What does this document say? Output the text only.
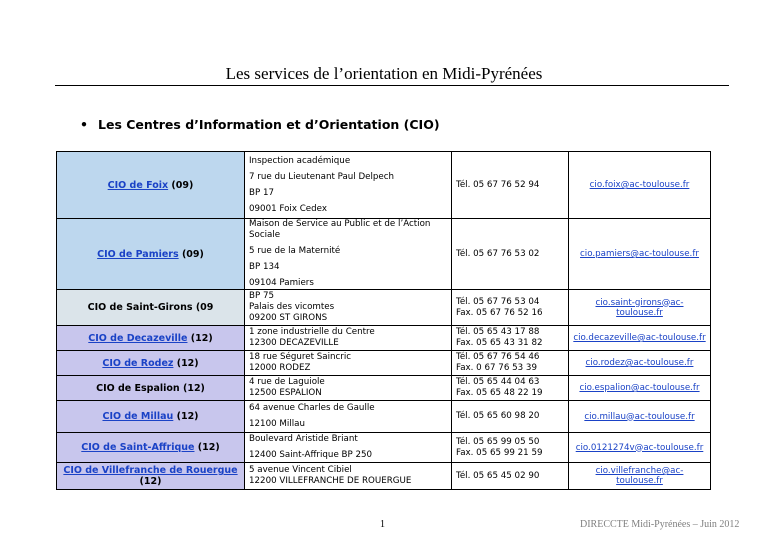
Les services de l’orientation en Midi-Pyrénées
• Les Centres d’Information et d’Orientation (CIO)
CIO de Foix (09)	Inspection académique
7 rue du Lieutenant Paul Delpech
BP 17
09001 Foix Cedex	Tél. 05 67 76 52 94	cio.foix@ac-toulouse.fr
CIO de Pamiers (09)	Maison de Service au Public et de l’Action Sociale
5 rue de la Maternité
BP 134
09104 Pamiers	Tél. 05 67 76 53 02	cio.pamiers@ac-toulouse.fr
CIO de Saint-Girons (09	BP 75
Palais des vicomtes
09200 ST GIRONS	Tél. 05 67 76 53 04
Fax. 05 67 76 52 16	cio.saint-girons@ac-toulouse.fr
CIO de Decazeville (12)	1 zone industrielle du Centre
12300 DECAZEVILLE	Tél. 05 65 43 17 88
Fax. 05 65 43 31 82	cio.decazeville@ac-toulouse.fr
CIO de Rodez (12)	18 rue Séguret Saincric
12000 RODEZ	Tél. 05 67 76 54 46
Fax. 0 67 76 53 39	cio.rodez@ac-toulouse.fr
CIO de Espalion (12)	4 rue de Laguiole
12500 ESPALION	Tél. 05 65 44 04 63
Fax. 05 65 48 22 19	cio.espalion@ac-toulouse.fr
CIO de Millau (12)	64 avenue Charles de Gaulle
12100 Millau	Tél. 05 65 60 98 20	cio.millau@ac-toulouse.fr
CIO de Saint-Affrique (12)	Boulevard Aristide Briant
12400 Saint-Affrique BP 250	Tél. 05 65 99 05 50
Fax. 05 65 99 21 59	cio.0121274v@ac-toulouse.fr
CIO de Villefranche de Rouergue (12)	5 avenue Vincent Cibiel
12200 VILLEFRANCHE DE ROUERGUE	Tél. 05 65 45 02 90	cio.villefranche@ac-toulouse.fr
1	DIRECCTE Midi-Pyrénées – Juin 2012
